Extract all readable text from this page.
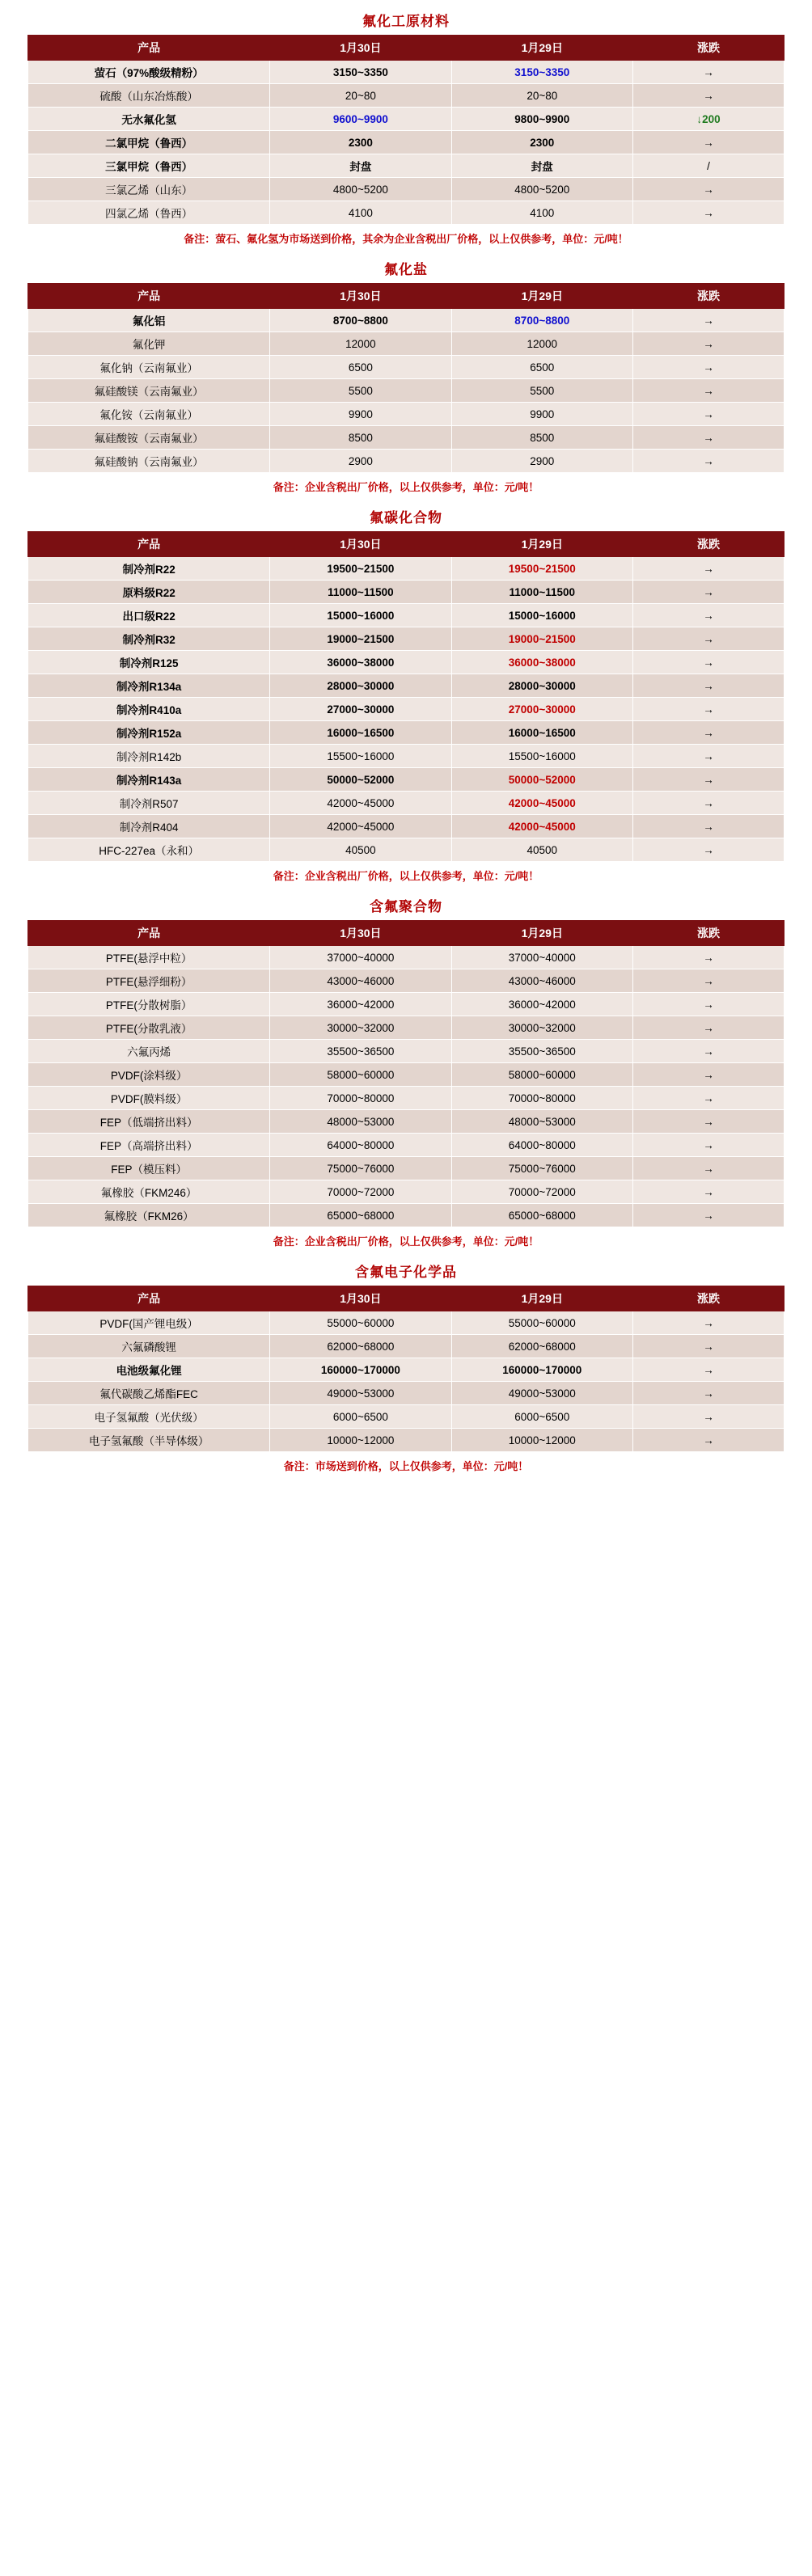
氟化工原材料
产品	1月30日	1月29日	涨跌
萤石（97%酸级精粉）	3150~3350	3150~3350	→
硫酸（山东冶炼酸）	20~80	20~80	→
无水氟化氢	9600~9900	9800~9900	↓200
二氯甲烷（鲁西）	2300	2300	→
三氯甲烷（鲁西）	封盘	封盘	/
三氯乙烯（山东）	4800~5200	4800~5200	→
四氯乙烯（鲁西）	4100	4100	→
备注：萤石、氟化氢为市场送到价格，其余为企业含税出厂价格，以上仅供参考，单位：元/吨！
氟化盐
产品	1月30日	1月29日	涨跌
氟化铝	8700~8800	8700~8800	→
氟化钾	12000	12000	→
氟化钠（云南氟业）	6500	6500	→
氟硅酸镁（云南氟业）	5500	5500	→
氟化铵（云南氟业）	9900	9900	→
氟硅酸铵（云南氟业）	8500	8500	→
氟硅酸钠（云南氟业）	2900	2900	→
备注：企业含税出厂价格，以上仅供参考，单位：元/吨！
氟碳化合物
产品	1月30日	1月29日	涨跌
制冷剂R22	19500~21500	19500~21500	→
原料级R22	11000~11500	11000~11500	→
出口级R22	15000~16000	15000~16000	→
制冷剂R32	19000~21500	19000~21500	→
制冷剂R125	36000~38000	36000~38000	→
制冷剂R134a	28000~30000	28000~30000	→
制冷剂R410a	27000~30000	27000~30000	→
制冷剂R152a	16000~16500	16000~16500	→
制冷剂R142b	15500~16000	15500~16000	→
制冷剂R143a	50000~52000	50000~52000	→
制冷剂R507	42000~45000	42000~45000	→
制冷剂R404	42000~45000	42000~45000	→
HFC-227ea（永和）	40500	40500	→
备注：企业含税出厂价格，以上仅供参考，单位：元/吨！
含氟聚合物
产品	1月30日	1月29日	涨跌
PTFE(悬浮中粒）	37000~40000	37000~40000	→
PTFE(悬浮细粉）	43000~46000	43000~46000	→
PTFE(分散树脂）	36000~42000	36000~42000	→
PTFE(分散乳液）	30000~32000	30000~32000	→
六氟丙烯	35500~36500	35500~36500	→
PVDF(涂料级）	58000~60000	58000~60000	→
PVDF(膜料级）	70000~80000	70000~80000	→
FEP（低端挤出料）	48000~53000	48000~53000	→
FEP（高端挤出料）	64000~80000	64000~80000	→
FEP（模压料）	75000~76000	75000~76000	→
氟橡胶（FKM246）	70000~72000	70000~72000	→
氟橡胶（FKM26）	65000~68000	65000~68000	→
备注：企业含税出厂价格，以上仅供参考，单位：元/吨！
含氟电子化学品
产品	1月30日	1月29日	涨跌
PVDF(国产锂电级）	55000~60000	55000~60000	→
六氟磷酸锂	62000~68000	62000~68000	→
电池级氟化锂	160000~170000	160000~170000	→
氟代碳酸乙烯酯FEC	49000~53000	49000~53000	→
电子氢氟酸（光伏级）	6000~6500	6000~6500	→
电子氢氟酸（半导体级）	10000~12000	10000~12000	→
备注：市场送到价格，以上仅供参考，单位：元/吨！
